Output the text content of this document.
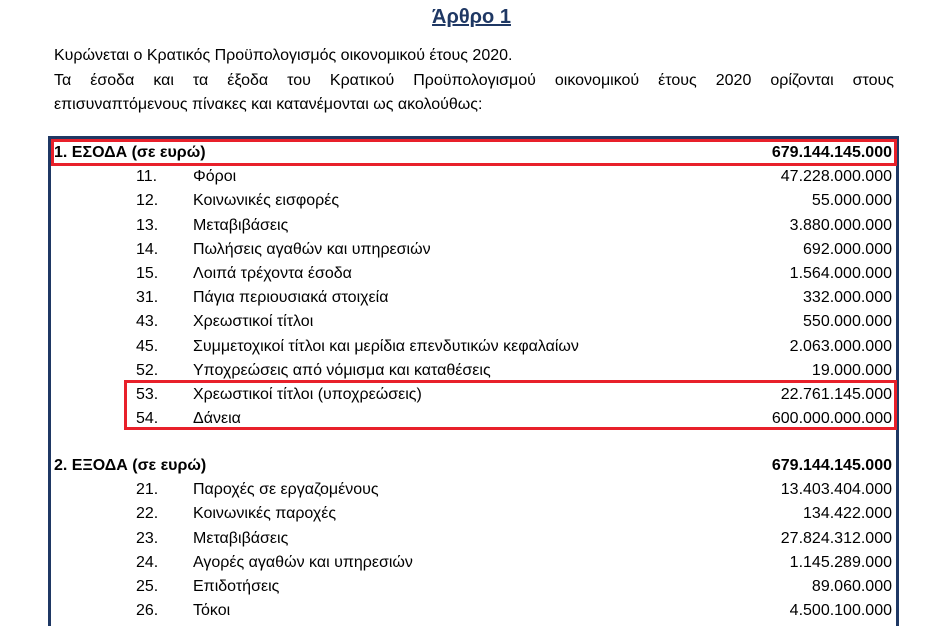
Άρθρο 1
Κυρώνεται ο Κρατικός Προϋπολογισμός οικονομικού έτους 2020.
Τα έσοδα και τα έξοδα του Κρατικού Προϋπολογισμού οικονομικού έτους 2020 ορίζονται στους
επισυναπτόμενους πίνακες και κατανέμονται ως ακολούθως:
1. ΕΣΟΔΑ (σε ευρώ)	679.144.145.000
11. Φόροι	47.228.000.000
12. Κοινωνικές εισφορές	55.000.000
13. Μεταβιβάσεις	3.880.000.000
14. Πωλήσεις αγαθών και υπηρεσιών	692.000.000
15. Λοιπά τρέχοντα έσοδα	1.564.000.000
31. Πάγια περιουσιακά στοιχεία	332.000.000
43. Χρεωστικοί τίτλοι	550.000.000
45. Συμμετοχικοί τίτλοι και μερίδια επενδυτικών κεφαλαίων	2.063.000.000
52. Υποχρεώσεις από νόμισμα και καταθέσεις	19.000.000
53. Χρεωστικοί τίτλοι (υποχρεώσεις)	22.761.145.000
54. Δάνεια	600.000.000.000
2. ΕΞΟΔΑ (σε ευρώ)	679.144.145.000
21. Παροχές σε εργαζομένους	13.403.404.000
22. Κοινωνικές παροχές	134.422.000
23. Μεταβιβάσεις	27.824.312.000
24. Αγορές αγαθών και υπηρεσιών	1.145.289.000
25. Επιδοτήσεις	89.060.000
26. Τόκοι	4.500.100.000
